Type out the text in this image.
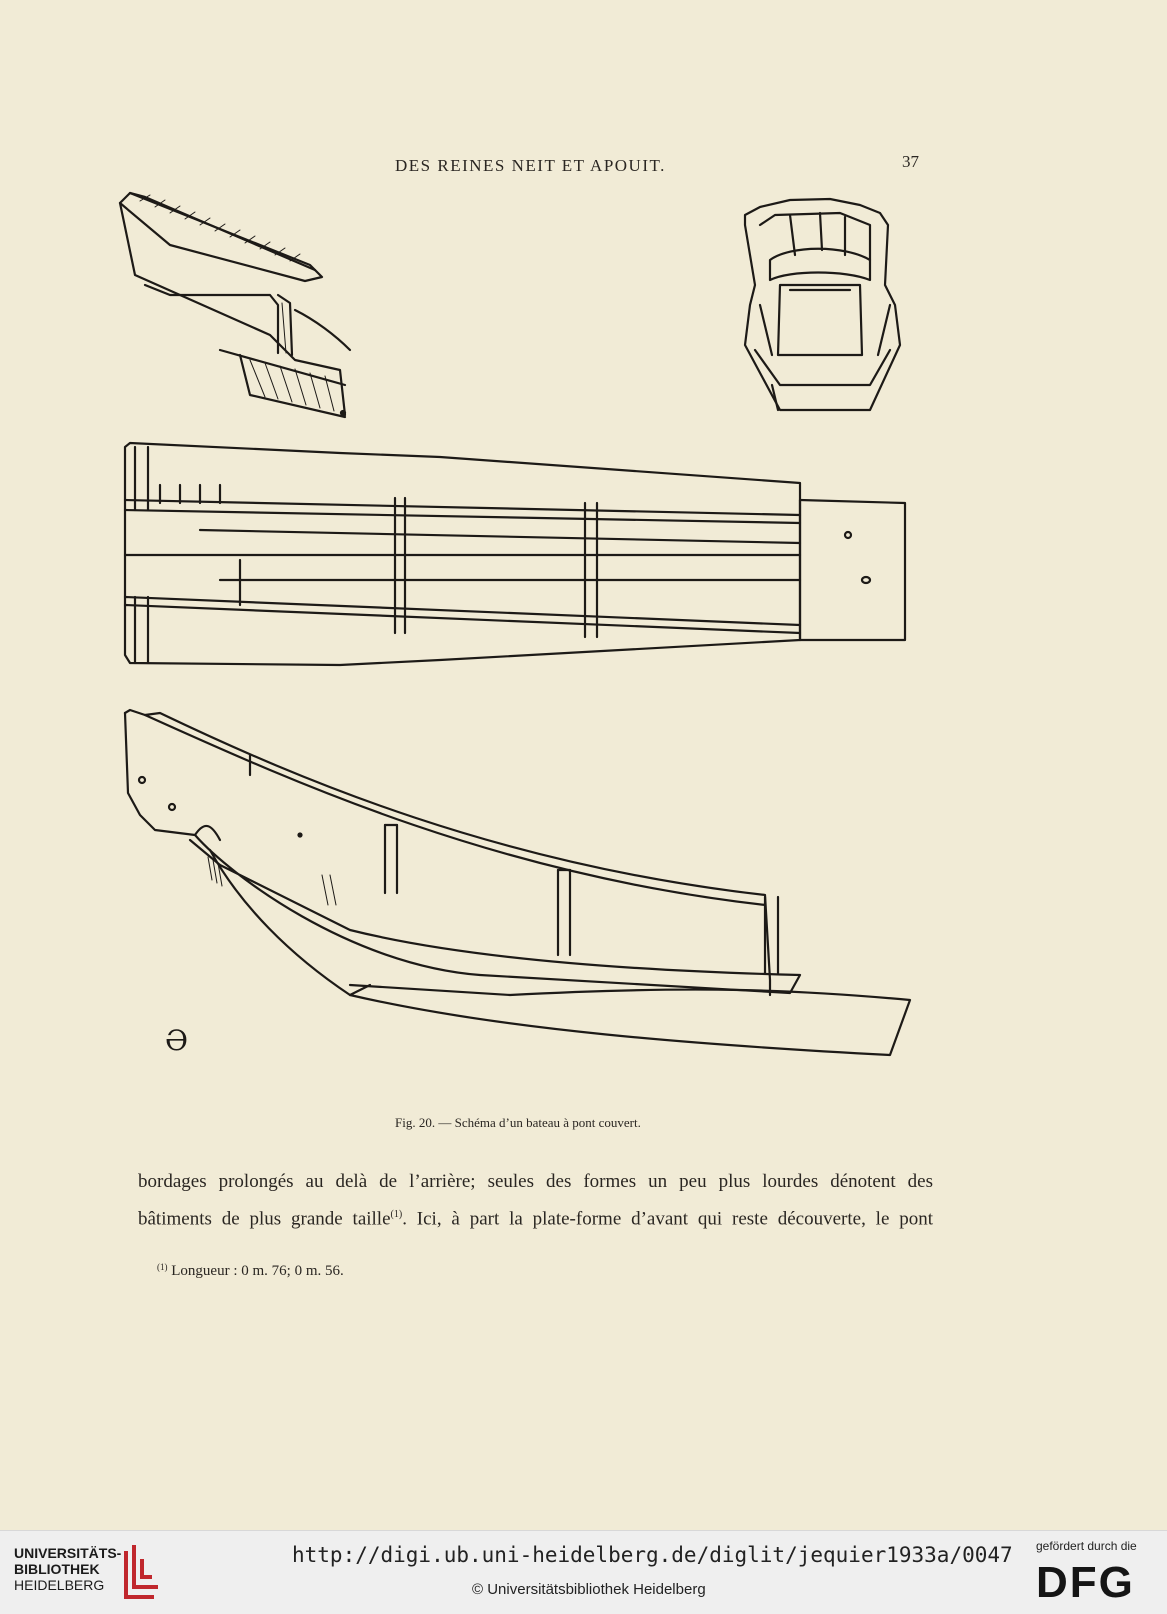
DES REINES NEIT ET APOUIT.	37
Ə
Fig. 20. — Schéma d’un bateau à pont couvert.
bordages prolongés au delà de l’arrière; seules des formes un peu plus lourdes dénotent des
bâtiments de plus grande taille$^{(1)}$. Ici, à part la plate-forme d’avant qui reste découverte, le pont
$^{(1)}$ Longueur : 0 m. 76; 0 m. 56.
UNIVERSITÄTS-
BIBLIOTHEK
HEIDELBERG
http://digi.ub.uni-heidelberg.de/diglit/jequier1933a/0047
© Universitätsbibliothek Heidelberg
gefördert durch die
DFG
